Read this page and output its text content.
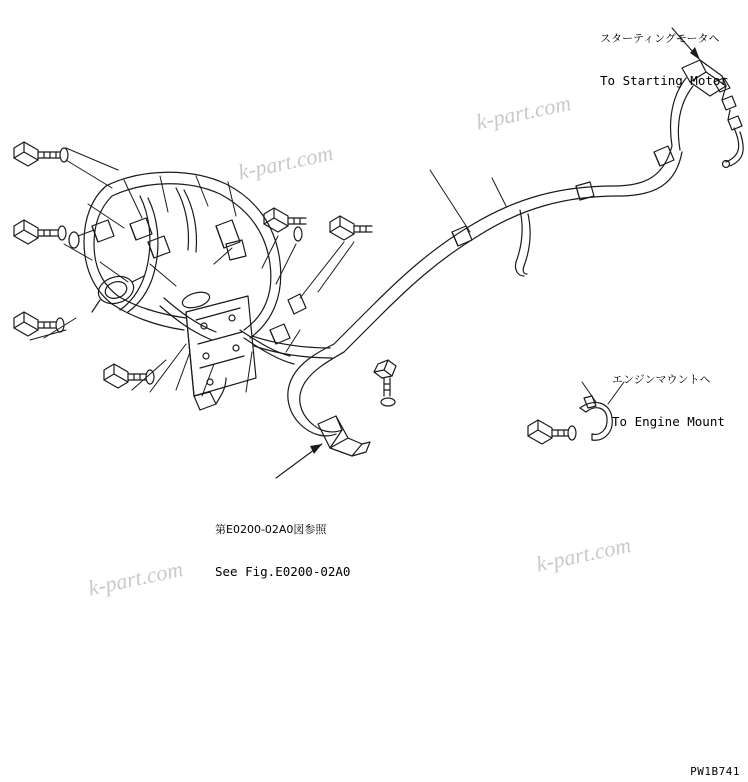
k-part.com
k-part.com
k-part.com
k-part.com

スターティングモータヘ

To Starting Motor

エンジンマウントヘ

To Engine Mount

第E0200-02A0図参照

See Fig.E0200-02A0

PW1B741
